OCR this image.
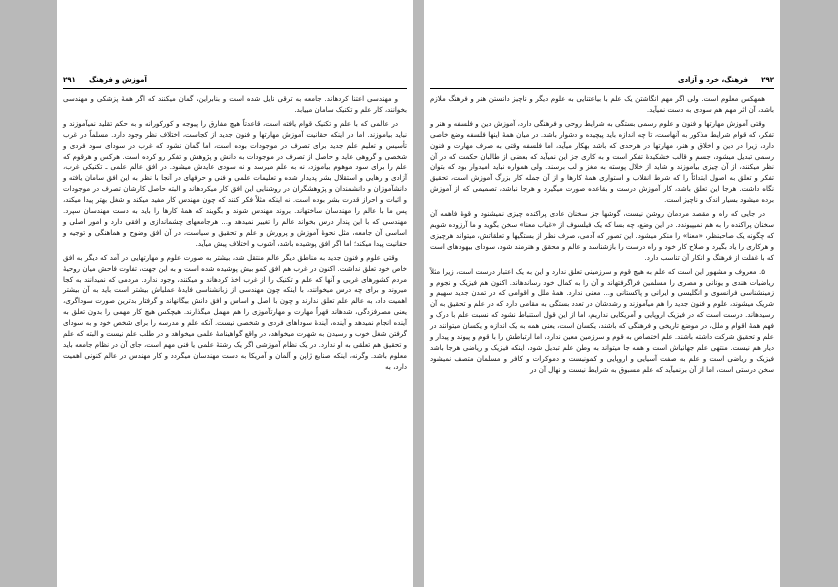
۲۹۱ آموزش و فرهنگ

و مهندسی اعتنا کردهاند. جامعه به ترقی نایل شده است و بنابراین، گمان میکنند که اگر همهٔ پزشکی و مهندسی بخوانند، کار علم و تکنیک سامان مییابد.

در عالمی که با علم و تکنیک قوام یافته است، قاعدتاً هیچ مفارق را پیوجه و کورکورانه و به حکم تقلید نمیآموزند و نباید بیاموزند. اما در اینکه حقانیت آموزش مهارتها و فنون جدید از کجاست، اختلاف نظر وجود دارد. مسلماً در غرب تأسیس و تعلیم علم جدید برای تصرف در موجودات بوده است، اما گمان نشود که غرب در سودای سود فردی و شخصی و گروهی عاید و حاصل از تصرف در موجودات به دانش و پژوهش و تفکر رو کرده است. هرکس و هرقوم که علم را برای سود موهوم بیاموزد، نه به علم میرسد و نه سودی عایدش میشود. در افق عالم علمی ـ تکنیکی غرب، آزادی و رهایی و استقلال بشر پدیدار شده و تعلیمات علمی و فنی و حرفهای در آنجا با نظر به این افق سامان یافته و دانشآموزان و دانشمندان و پژوهشگران در روشنایی این افق کار میکردهاند و البته حاصل کارشان تصرف در موجودات و اثبات و احراز قدرت بشر بوده است. نه اینکه مثلاً فکر کنند که چون مهندس کار مفید میکند و شغل بهتر پیدا میکند، پس ما با عالم را مهندسان ساختهاند. بروند مهندس شوند و بگویند که همهٔ کارها را باید به دست مهندسان سپرد. مهندسی که با این پندار درس بخواند عالم را تغییر نمیدهد و... هرجامعهای چشماندازی و افقی دارد و امور اصلی و اساسی آن جامعه، مثل نحوهٔ آموزش و پرورش و علم و تحقیق و سیاست، در آن افق وضوح و هماهنگی و توجیه و حقانیت پیدا میکند؛ اما اگر افق پوشیده باشد، آشوب و اختلاف پیش میآید.

وقتی علوم و فنون جدید به مناطق دیگر عالم منتقل شد، بیشتر به صورت علوم و مهارتهایی در آمد که دیگر به افق خاص خود تعلق نداشت. اکنون در غرب هم افق کمو بیش پوشیده شده است و به این جهت، تفاوت فاحش میان روحیهٔ مردم کشورهای غربی و آنها که علم و تکنیک را از غرب اخذ کردهاند و میکنند، وجود ندارد. مردمی که نمیدانند به کجا میروند و برای چه درس میخوانند، با اینکه چون مهندسی از زبانشناسی فایدهٔ عملیاش بیشتر است باید به آن بیشتر اهمیت داد، به عالم علم تعلق ندارند و چون با اصل و اساس و افق دانش بیگانهاند و گرفتار بدترین صورت سوداگری، یعنی مصرفزدگی، شدهاند قهراً مهارت و مهارتآموزی را هم مهمل میگذارند. هیچکس هیچ کار مهمی را بدون تعلق به آینده انجام نمیدهد و آینده، آیندهٔ سوداهای فردی و شخصی نیست. آنکه علم و مدرسه را برای شخص خود و به سودای گرفتن شغل خوب و رسیدن به شهرت میخواهد، در واقع گواهینامهٔ علمی میخواهد و در طلب علم نیست و البته که علم و تحقیق هم تعلقی به او ندارد. در یک نظام آموزشی اگر یک رشتهٔ علمی یا فنی مهم است، جای آن در نظام جامعه باید معلوم باشد. وگرنه، اینکه صنایع ژاپن و آلمان و آمریکا به دست مهندسان میگردد و کار مهندس در عالم کنونی اهمیت دارد، به

۲۹۲
فرهنگ، خرد و آزادی

همهکس معلوم است. ولی اگر مهم انگاشتن یک علم با بیاعتنایی به علوم دیگر و ناچیز دانستن هنر و فرهنگ ملازم باشد، آن اثر مهم هم سودی به دست نمیآید.

وقتی آموزش مهارتها و فنون و علوم رسمی بستگی به شرایط روحی و فرهنگی دارد، آموزش دین و فلسفه و هنر و تفکر، که قوام شرایط مذکور به آنهاست، تا چه اندازه باید پیچیده و دشوار باشد. در میان همهٔ اینها فلسفه وضع خاصی دارد، زیرا در دین و اخلاق و هنر، مهارتها در هرحدی که باشد بهکار میآید، اما فلسفه وقتی به صرف مهارت و فنون رسمی تبدیل میشود، جسم و قالب خشکیدهٔ تفکر است و به کاری جز این نمیآید که بعضی از طالبان حکمت که در آن نظر میکنند، از آن چیزی بیاموزند و شاید از خلال پوسته به مغز و لب برسند. ولی همواره نباید امیدوار بود که بتوان تفکر و تعلق به اصول ابتدائاً را که شرط انقلاب و استواری همهٔ کارها و از آن جمله کار بزرگ آموزش است، تحقیق نگاه داشت. هرجا این تعلق باشد، کار آموزش درست و بقاعده صورت میگیرد و هرجا نباشد، تصمیمی که از آموزش برده میشود بسیار اندک و ناچیز است.

در جایی که راه و مقصد مردمان روشن نیست، گوشها جز سخنان عادی پراکنده چیزی نمیشنود و قوهٔ فاهمه آن سخنان پراکنده را به هم نمیپیوندد. در این وضع، چه بسا که یک فیلسوف از «غیاب معنا» سخن بگوید و ما آرزوده شویم که چگونه یک صاحبنظر، «معنا» را منکر میشود. این تصور که آدمی، صرف نظر از بستگیها و تعلقاتش، میتواند هرچیزی و هرکاری را یاد بگیرد و صلاح کار خود و راه درست را بازشناسد و عالم و محقق و هنرمند شود، سودای بیهودهای است که با غفلت از فرهنگ و انکار آن تناسب دارد.

۵. معروف و مشهور این است که علم به هیچ قوم و سرزمینی تعلق ندارد و این به یک اعتبار درست است، زیرا مثلاً ریاضیات هندی و یونانی و مصری را مسلمین فراگرفتهاند و آن را به کمال خود رساندهاند. اکنون هم فیزیک و نجوم و زمینشناسی فرانسوی و انگلیسی و ایرانی و پاکستانی و... معنی ندارد. همهٔ ملل و اقوامی که در تمدن جدید سهیم و شریک میشوند، علوم و فنون جدید را هم میآموزند و رشدشان در تعدد بستگی به مقامی دارد که در علم و تحقیق به آن رسیدهاند. درست است که در فیزیک اروپایی و آمریکایی نداریم، اما از این قول استنباط نشود که نسبت علم با درک و فهم همهٔ اقوام و ملل، در موضع تاریخی و فرهنگی که باشند، یکسان است، یعنی همه به یک اندازه و یکسان میتوانند در علم و تحقیق شرکت داشته باشند. علم اختصاص به قوم و سرزمین معین ندارد، اما ارتباطش را با قوم و پیوند و پیدار و دیار هم نیست. منتهی علم جهانیاش است و همه جا میتواند به وطن علم تبدیل شود، اینکه فیزیک و ریاضی هرجا باشد فیزیک و ریاضی است و علم به صفت آسیایی و اروپایی و کمونیست و دموکرات و کافر و مسلمان متصف نمیشود سخن درستی است، اما از آن برنمیآید که علم مسبوق به شرایط نیست و نهال آن در
